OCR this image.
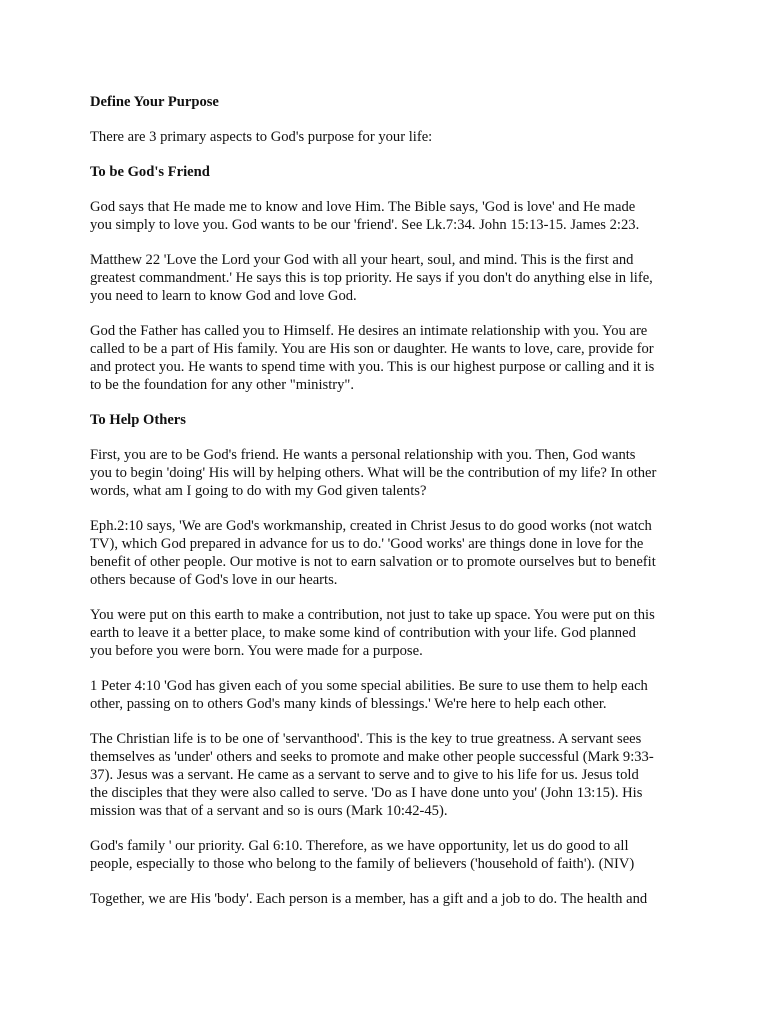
Define Your Purpose
There are 3 primary aspects to God's purpose for your life:
To be God's Friend
God says that He made me to know and love Him. The Bible says, 'God is love' and He made
you simply to love you. God wants to be our 'friend'. See Lk.7:34. John 15:13-15. James 2:23.
Matthew 22 'Love the Lord your God with all your heart, soul, and mind. This is the first and
greatest commandment.' He says this is top priority. He says if you don't do anything else in life,
you need to learn to know God and love God.
God the Father has called you to Himself. He desires an intimate relationship with you. You are
called to be a part of His family. You are His son or daughter. He wants to love, care, provide for
and protect you. He wants to spend time with you. This is our highest purpose or calling and it is
to be the foundation for any other "ministry".
To Help Others
First, you are to be God's friend. He wants a personal relationship with you. Then, God wants
you to begin 'doing' His will by helping others. What will be the contribution of my life? In other
words, what am I going to do with my God given talents?
Eph.2:10 says, 'We are God's workmanship, created in Christ Jesus to do good works (not watch
TV), which God prepared in advance for us to do.' 'Good works' are things done in love for the
benefit of other people. Our motive is not to earn salvation or to promote ourselves but to benefit
others because of God's love in our hearts.
You were put on this earth to make a contribution, not just to take up space. You were put on this
earth to leave it a better place, to make some kind of contribution with your life. God planned
you before you were born. You were made for a purpose.
1 Peter 4:10 'God has given each of you some special abilities. Be sure to use them to help each
other, passing on to others God's many kinds of blessings.' We're here to help each other.
The Christian life is to be one of 'servanthood'. This is the key to true greatness. A servant sees
themselves as 'under' others and seeks to promote and make other people successful (Mark 9:33-
37). Jesus was a servant. He came as a servant to serve and to give to his life for us. Jesus told
the disciples that they were also called to serve. 'Do as I have done unto you' (John 13:15). His
mission was that of a servant and so is ours (Mark 10:42-45).
God's family ' our priority. Gal 6:10. Therefore, as we have opportunity, let us do good to all
people, especially to those who belong to the family of believers ('household of faith'). (NIV)
Together, we are His 'body'. Each person is a member, has a gift and a job to do. The health and
